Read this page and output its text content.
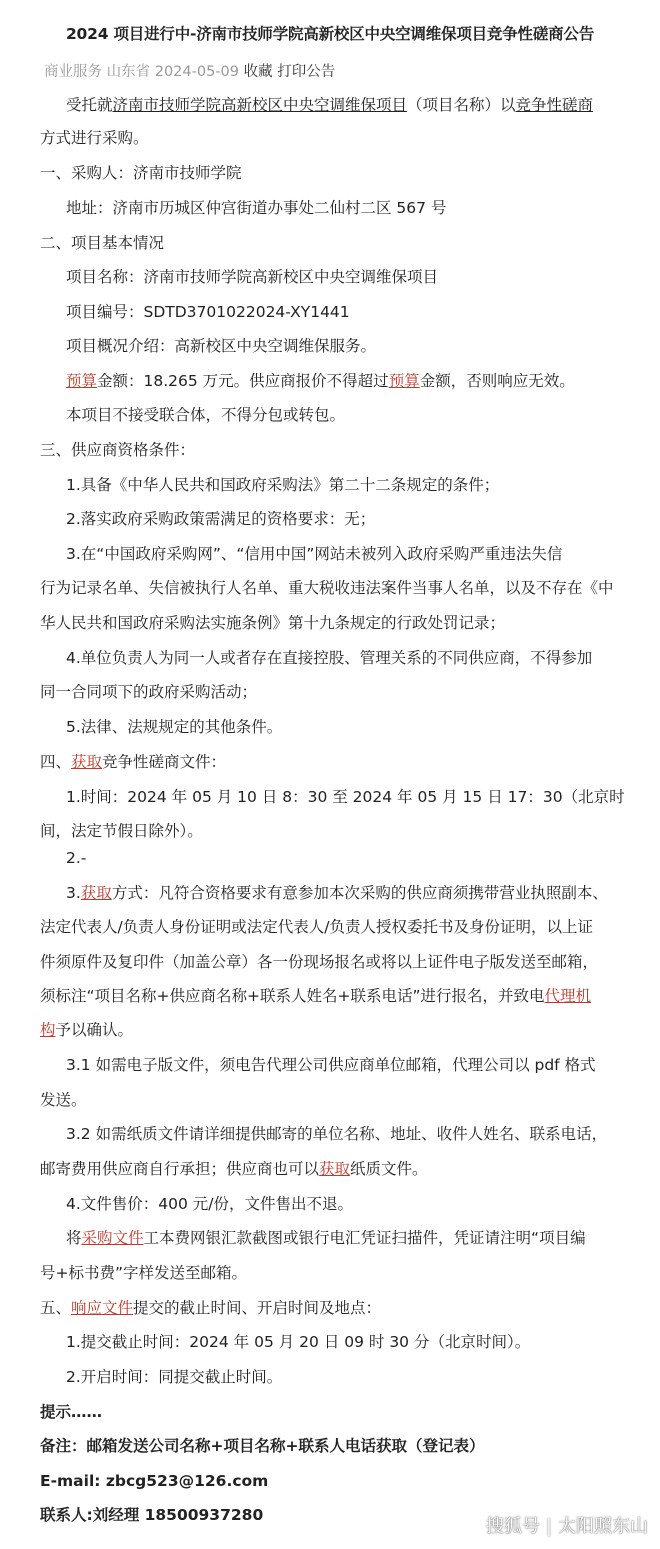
2024 项目进行中-济南市技师学院高新校区中央空调维保项目竞争性磋商公告
商业服务 山东省 2024-05-09 收藏 打印公告
受托就济南市技师学院高新校区中央空调维保项目（项目名称）以竞争性磋商
方式进行采购。
一、采购人：济南市技师学院
地址：济南市历城区仲宫街道办事处二仙村二区 567 号
二、项目基本情况
项目名称：济南市技师学院高新校区中央空调维保项目
项目编号：SDTD3701022024-XY1441
项目概况介绍：高新校区中央空调维保服务。
预算金额：18.265 万元。供应商报价不得超过预算金额，否则响应无效。
本项目不接受联合体，不得分包或转包。
三、供应商资格条件：
1.具备《中华人民共和国政府采购法》第二十二条规定的条件；
2.落实政府采购政策需满足的资格要求：无；
3.在“中国政府采购网”、“信用中国”网站未被列入政府采购严重违法失信
行为记录名单、失信被执行人名单、重大税收违法案件当事人名单，以及不存在《中
华人民共和国政府采购法实施条例》第十九条规定的行政处罚记录；
4.单位负责人为同一人或者存在直接控股、管理关系的不同供应商，不得参加
同一合同项下的政府采购活动；
5.法律、法规规定的其他条件。
四、获取竞争性磋商文件：
1.时间：2024 年 05 月 10 日 8：30 至 2024 年 05 月 15 日 17：30（北京时
间，法定节假日除外）。
2.-
3.获取方式：凡符合资格要求有意参加本次采购的供应商须携带营业执照副本、
法定代表人/负责人身份证明或法定代表人/负责人授权委托书及身份证明，以上证
件须原件及复印件（加盖公章）各一份现场报名或将以上证件电子版发送至邮箱，
须标注“项目名称+供应商名称+联系人姓名+联系电话”进行报名，并致电代理机
构予以确认。
3.1 如需电子版文件，须电告代理公司供应商单位邮箱，代理公司以 pdf 格式
发送。
3.2 如需纸质文件请详细提供邮寄的单位名称、地址、收件人姓名、联系电话，
邮寄费用供应商自行承担；供应商也可以获取纸质文件。
4.文件售价：400 元/份，文件售出不退。
将采购文件工本费网银汇款截图或银行电汇凭证扫描件，凭证请注明“项目编
号+标书费”字样发送至邮箱。
五、响应文件提交的截止时间、开启时间及地点：
1.提交截止时间：2024 年 05 月 20 日 09 时 30 分（北京时间）。
2.开启时间：同提交截止时间。
提示……
备注：邮箱发送公司名称+项目名称+联系人电话获取（登记表）
E-mail: zbcg523@126.com
联系人:刘经理 18500937280
搜狐号 | 太阳照东山
